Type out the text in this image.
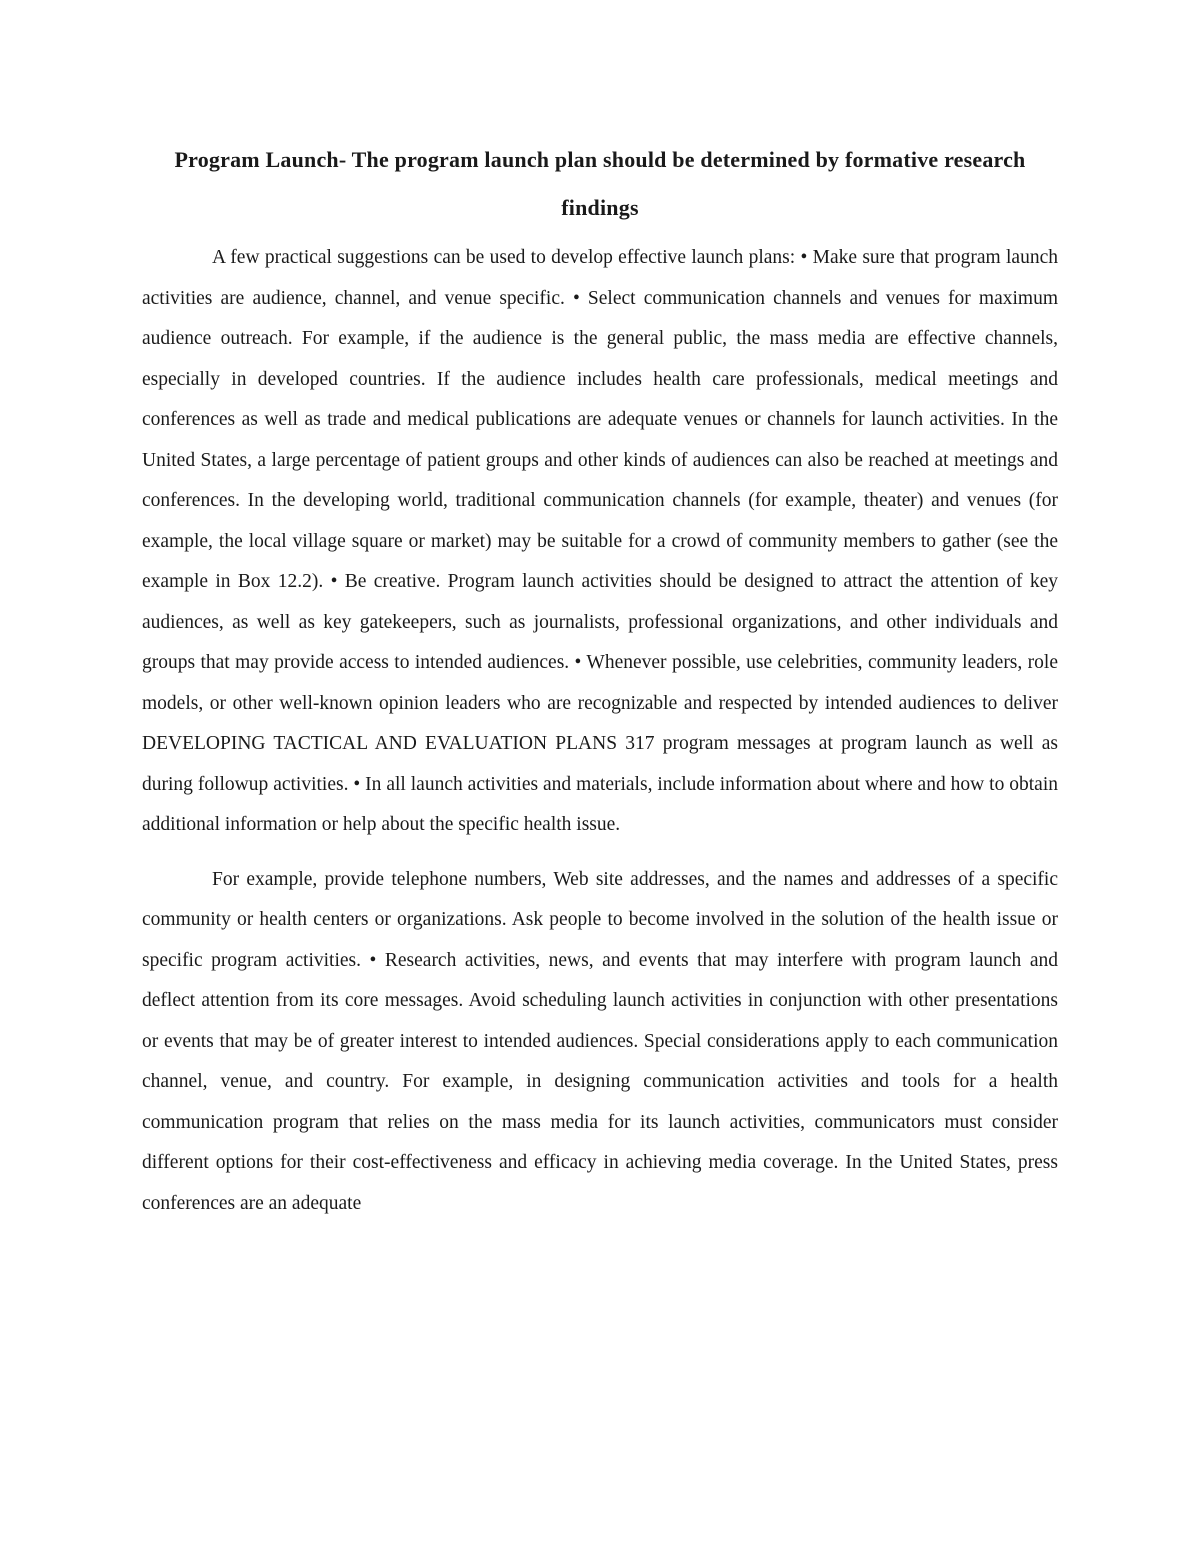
Program Launch- The program launch plan should be determined by formative research findings

A few practical suggestions can be used to develop effective launch plans: • Make sure that program launch activities are audience, channel, and venue specific. • Select communication channels and venues for maximum audience outreach. For example, if the audience is the general public, the mass media are effective channels, especially in developed countries. If the audience includes health care professionals, medical meetings and conferences as well as trade and medical publications are adequate venues or channels for launch activities. In the United States, a large percentage of patient groups and other kinds of audiences can also be reached at meetings and conferences. In the developing world, traditional communication channels (for example, theater) and venues (for example, the local village square or market) may be suitable for a crowd of community members to gather (see the example in Box 12.2). • Be creative. Program launch activities should be designed to attract the attention of key audiences, as well as key gatekeepers, such as journalists, professional organizations, and other individuals and groups that may provide access to intended audiences. • Whenever possible, use celebrities, community leaders, role models, or other well-known opinion leaders who are recognizable and respected by intended audiences to deliver DEVELOPING TACTICAL AND EVALUATION PLANS 317 program messages at program launch as well as during followup activities. • In all launch activities and materials, include information about where and how to obtain additional information or help about the specific health issue.

For example, provide telephone numbers, Web site addresses, and the names and addresses of a specific community or health centers or organizations. Ask people to become involved in the solution of the health issue or specific program activities. • Research activities, news, and events that may interfere with program launch and deflect attention from its core messages. Avoid scheduling launch activities in conjunction with other presentations or events that may be of greater interest to intended audiences. Special considerations apply to each communication channel, venue, and country. For example, in designing communication activities and tools for a health communication program that relies on the mass media for its launch activities, communicators must consider different options for their cost-effectiveness and efficacy in achieving media coverage. In the United States, press conferences are an adequate
